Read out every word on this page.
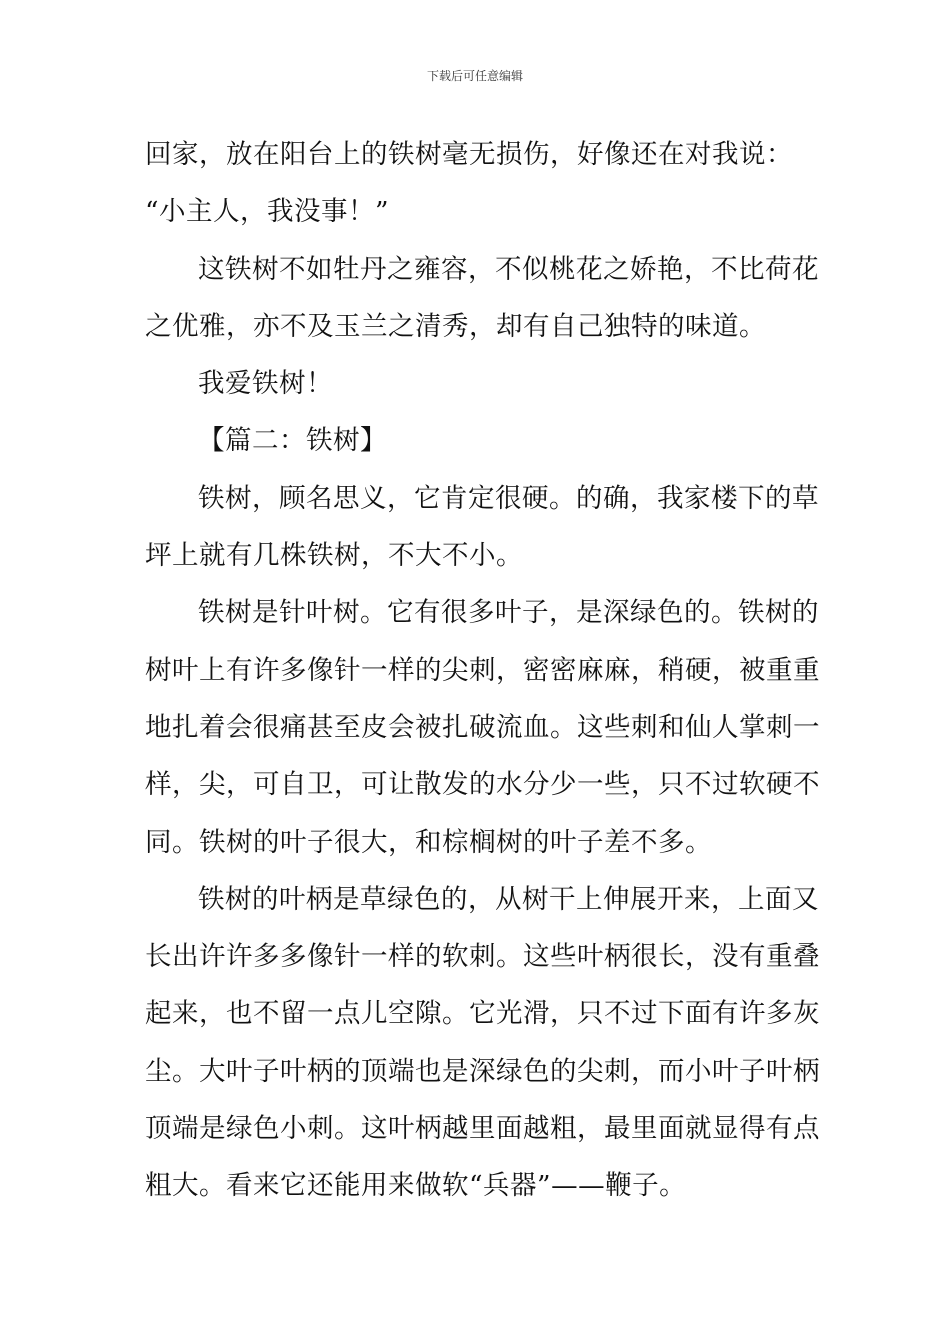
下载后可任意编辑
回家，放在阳台上的铁树毫无损伤，好像还在对我说：
“小主人，我没事！”
这铁树不如牡丹之雍容，不似桃花之娇艳，不比荷花
之优雅，亦不及玉兰之清秀，却有自己独特的味道。
我爱铁树！
【篇二：铁树】
铁树，顾名思义，它肯定很硬。的确，我家楼下的草
坪上就有几株铁树，不大不小。
铁树是针叶树。它有很多叶子，是深绿色的。铁树的
树叶上有许多像针一样的尖刺，密密麻麻，稍硬，被重重
地扎着会很痛甚至皮会被扎破流血。这些刺和仙人掌刺一
样，尖，可自卫，可让散发的水分少一些，只不过软硬不
同。铁树的叶子很大，和棕榈树的叶子差不多。
铁树的叶柄是草绿色的，从树干上伸展开来，上面又
长出许许多多像针一样的软刺。这些叶柄很长，没有重叠
起来，也不留一点儿空隙。它光滑，只不过下面有许多灰
尘。大叶子叶柄的顶端也是深绿色的尖刺，而小叶子叶柄
顶端是绿色小刺。这叶柄越里面越粗，最里面就显得有点
粗大。看来它还能用来做软“兵器”——鞭子。
